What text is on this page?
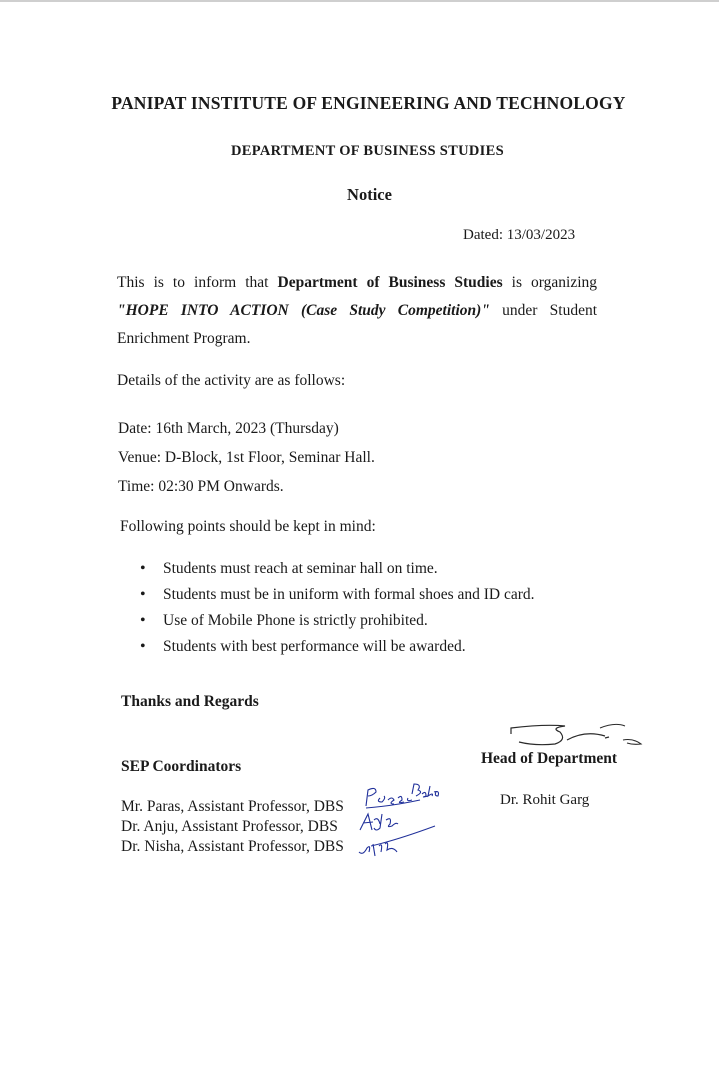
PANIPAT INSTITUTE OF ENGINEERING AND TECHNOLOGY
DEPARTMENT OF BUSINESS STUDIES
Notice
Dated: 13/03/2023
This is to inform that Department of Business Studies is organizing "HOPE INTO ACTION (Case Study Competition)" under Student Enrichment Program.
Details of the activity are as follows:
Date: 16th March, 2023 (Thursday)
Venue: D-Block, 1st Floor, Seminar Hall.
Time: 02:30 PM Onwards.
Following points should be kept in mind:
• Students must reach at seminar hall on time.
• Students must be in uniform with formal shoes and ID card.
• Use of Mobile Phone is strictly prohibited.
• Students with best performance will be awarded.
Thanks and Regards
SEP Coordinators
Mr. Paras, Assistant Professor, DBS
Dr. Anju, Assistant Professor, DBS
Dr. Nisha, Assistant Professor, DBS
Head of Department
Dr. Rohit Garg
